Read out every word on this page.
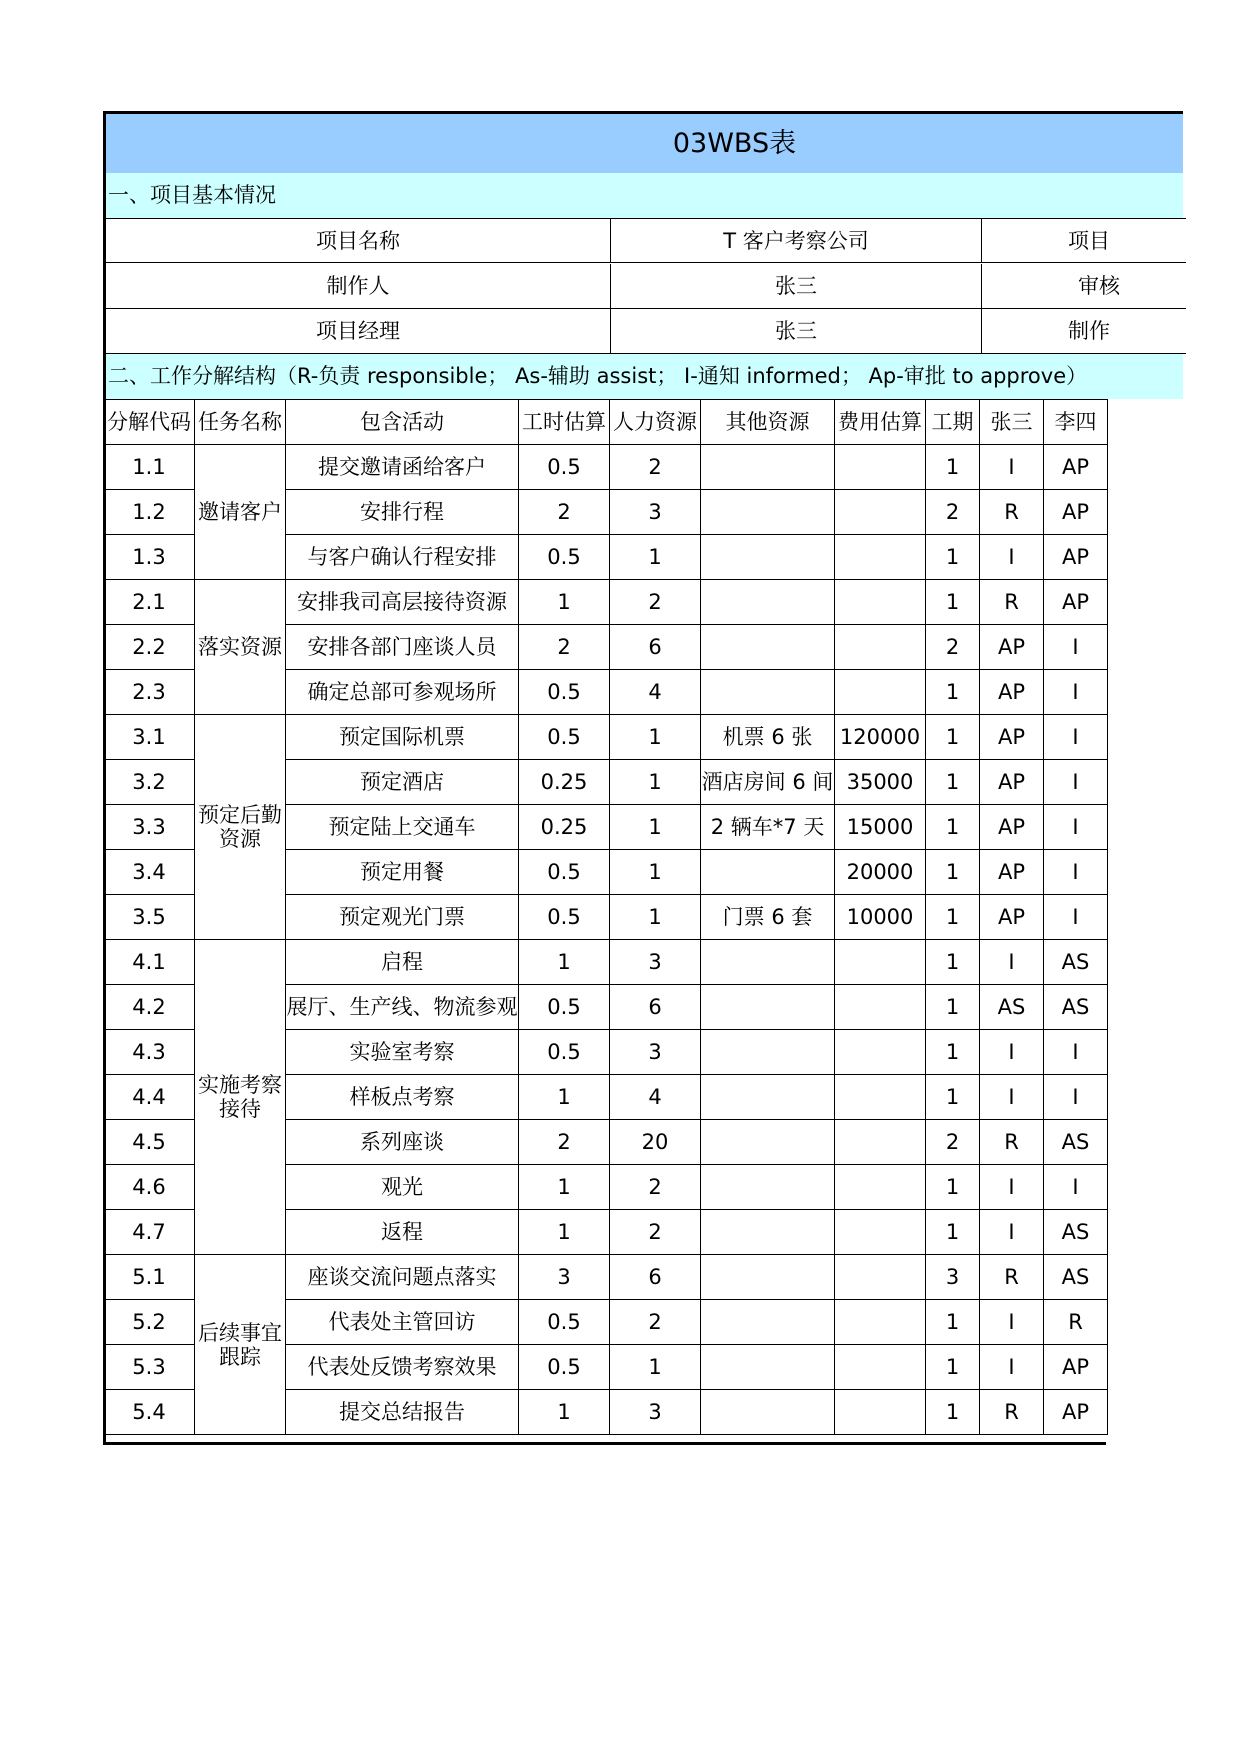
03WBS表
一、项目基本情况
项目名称	T 客户考察公司	项目
制作人	张三	审核
项目经理	张三	制作
二、工作分解结构（R-负责 responsible； As-辅助 assist； I-通知 informed； Ap-审批 to approve）
分解代码	任务名称	包含活动	工时估算	人力资源	其他资源	费用估算	工期	张三	李四
1.1	邀请客户	提交邀请函给客户	0.5	2			1	I	AP
1.2		安排行程	2	3			2	R	AP
1.3		与客户确认行程安排	0.5	1			1	I	AP
2.1	落实资源	安排我司高层接待资源	1	2			1	R	AP
2.2		安排各部门座谈人员	2	6			2	AP	I
2.3		确定总部可参观场所	0.5	4			1	AP	I
3.1	预定后勤资源	预定国际机票	0.5	1	机票 6 张	120000	1	AP	I
3.2		预定酒店	0.25	1	酒店房间 6 间	35000	1	AP	I
3.3		预定陆上交通车	0.25	1	2 辆车*7 天	15000	1	AP	I
3.4		预定用餐	0.5	1		20000	1	AP	I
3.5		预定观光门票	0.5	1	门票 6 套	10000	1	AP	I
4.1	实施考察接待	启程	1	3			1	I	AS
4.2		展厅、生产线、物流参观	0.5	6			1	AS	AS
4.3		实验室考察	0.5	3			1	I	I
4.4		样板点考察	1	4			1	I	I
4.5		系列座谈	2	20			2	R	AS
4.6		观光	1	2			1	I	I
4.7		返程	1	2			1	I	AS
5.1	后续事宜跟踪	座谈交流问题点落实	3	6			3	R	AS
5.2		代表处主管回访	0.5	2			1	I	R
5.3		代表处反馈考察效果	0.5	1			1	I	AP
5.4		提交总结报告	1	3			1	R	AP
